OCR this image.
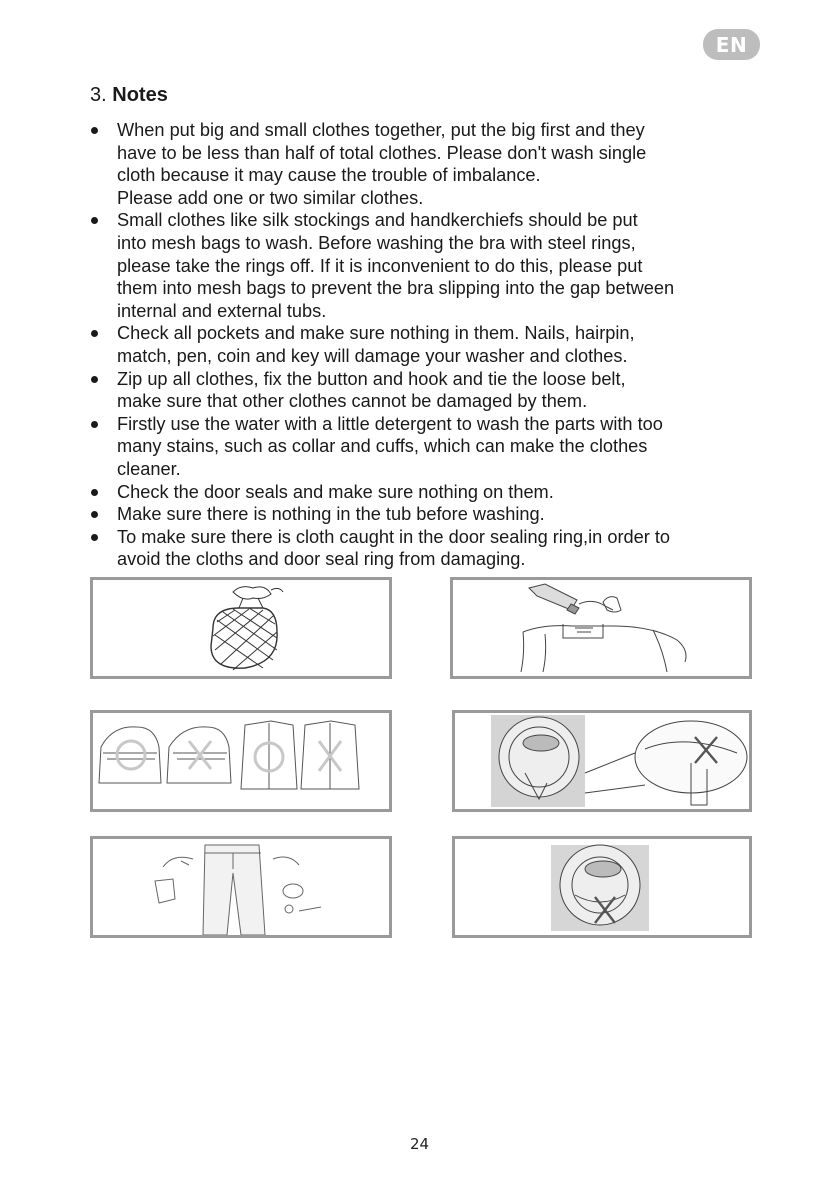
EN
3. Notes
When put big and small clothes together, put the big first and they
have to be less than half of total clothes. Please don't wash single
cloth because it may cause the trouble of imbalance.
Please add one or two similar clothes.
Small clothes like silk stockings and handkerchiefs should be put
into mesh bags to wash. Before washing the bra with steel rings,
please take the rings off. If it is inconvenient to do this, please put
them into mesh bags to prevent the bra slipping into the gap between
internal and external tubs.
Check all pockets and make sure nothing in them. Nails, hairpin,
match, pen, coin and key will damage your washer and clothes.
Zip up all clothes, fix the button and hook and tie the loose belt,
make sure that other clothes cannot be damaged by them.
Firstly use the water with a little detergent to wash the parts with too
many stains, such as collar and cuffs, which can make the clothes
cleaner.
Check the door seals and make sure nothing on them.
Make sure there is nothing in the tub before washing.
To make sure there is cloth caught in the door sealing ring,in order to
avoid the cloths and door seal ring from damaging.
24
